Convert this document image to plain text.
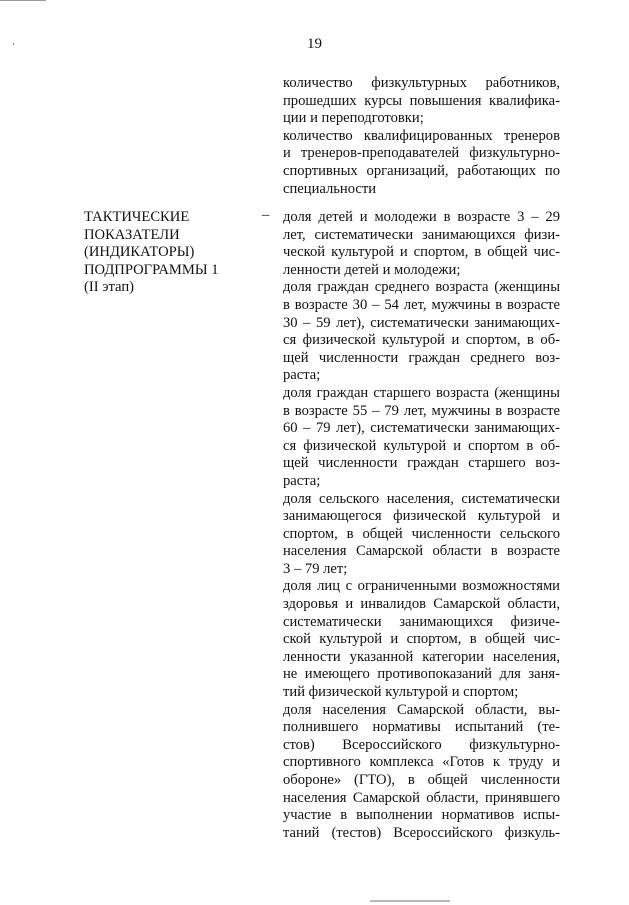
19
количество физкультурных работников,
прошедших курсы повышения квалифика-
ции и переподготовки;
количество квалифицированных тренеров
и тренеров-преподавателей физкультурно-
спортивных организаций, работающих по
специальности
ТАКТИЧЕСКИЕ
ПОКАЗАТЕЛИ
(ИНДИКАТОРЫ)
ПОДПРОГРАММЫ 1
(II этап)
– доля детей и молодежи в возрасте 3 – 29
лет, систематически занимающихся физи-
ческой культурой и спортом, в общей чис-
ленности детей и молодежи;
доля граждан среднего возраста (женщины
в возрасте 30 – 54 лет, мужчины в возрасте
30 – 59 лет), систематически занимающих-
ся физической культурой и спортом, в об-
щей численности граждан среднего воз-
раста;
доля граждан старшего возраста (женщины
в возрасте 55 – 79 лет, мужчины в возрасте
60 – 79 лет), систематически занимающих-
ся физической культурой и спортом в об-
щей численности граждан старшего воз-
раста;
доля сельского населения, систематически
занимающегося физической культурой и
спортом, в общей численности сельского
населения Самарской области в возрасте
3 – 79 лет;
доля лиц с ограниченными возможностями
здоровья и инвалидов Самарской области,
систематически занимающихся физиче-
ской культурой и спортом, в общей чис-
ленности указанной категории населения,
не имеющего противопоказаний для заня-
тий физической культурой и спортом;
доля населения Самарской области, вы-
полнившего нормативы испытаний (те-
стов) Всероссийского физкультурно-
спортивного комплекса «Готов к труду и
обороне» (ГТО), в общей численности
населения Самарской области, принявшего
участие в выполнении нормативов испы-
таний (тестов) Всероссийского физкуль-
